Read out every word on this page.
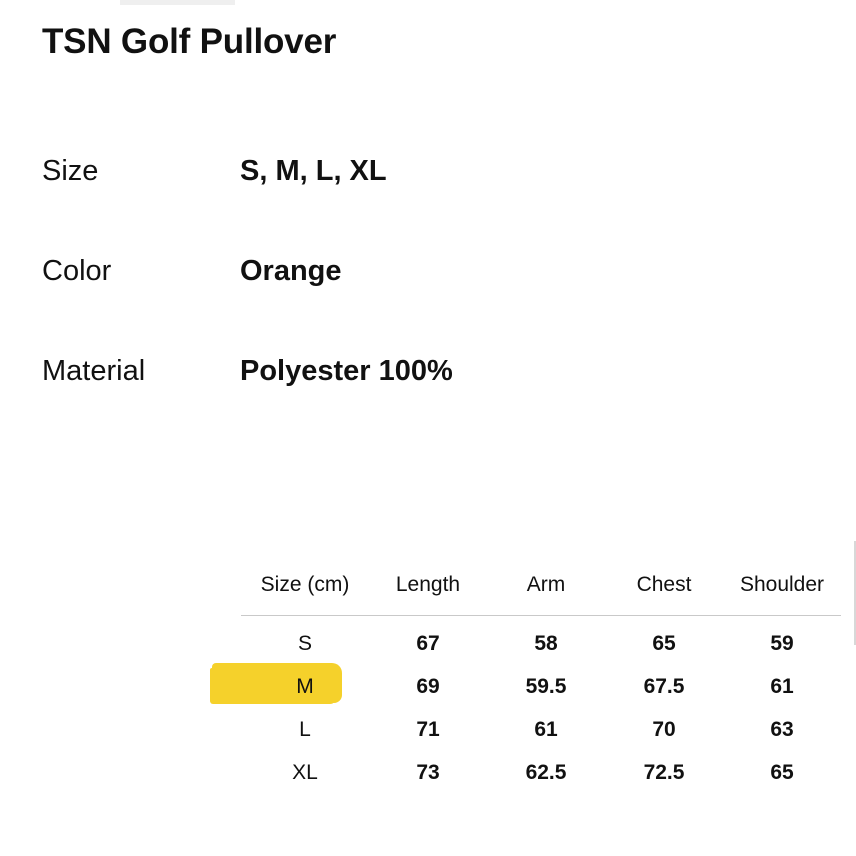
TSN Golf Pullover
Size	S, M, L, XL
Color	Orange
Material	Polyester 100%
Size (cm)	Length	Arm	Chest	Shoulder
S	67	58	65	59

M	69	59.5	67.5	61
L	71	61	70	63
XL	73	62.5	72.5	65
